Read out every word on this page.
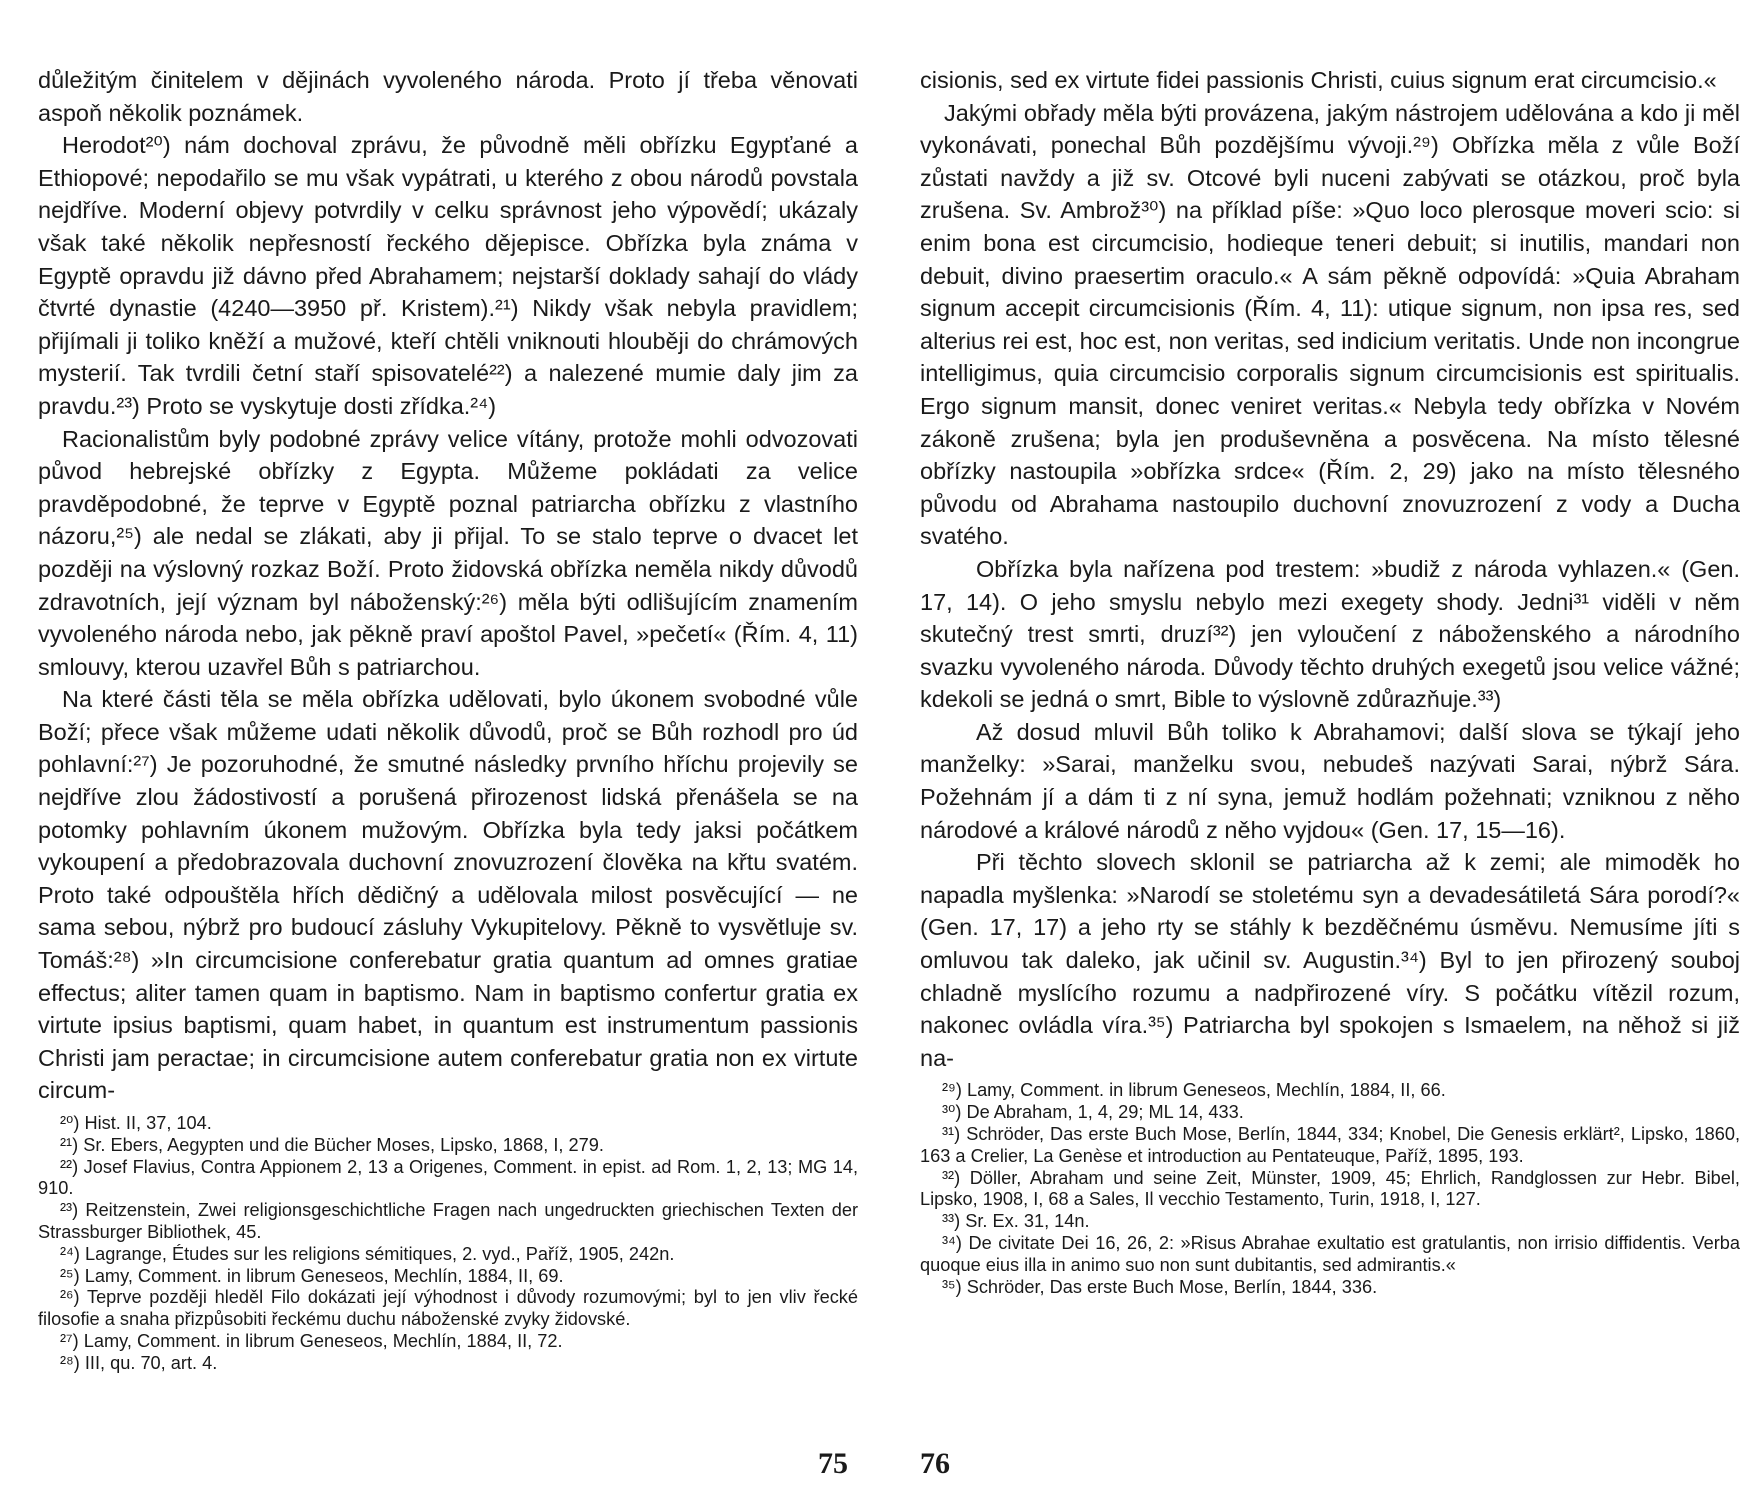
důležitým činitelem v dějinách vyvoleného národa. Proto jí třeba věnovati aspoň několik poznámek.

Herodot²⁰) nám dochoval zprávu, že původně měli obřízku Egypťané a Ethiopové; nepodařilo se mu však vypátrati, u kterého z obou národů povstala nejdříve. Moderní objevy potvrdily v celku správnost jeho výpovědí; ukázaly však také několik nepřesností řeckého dějepisce. Obřízka byla známa v Egyptě opravdu již dávno před Abrahamem; nejstarší doklady sahají do vlády čtvrté dynastie (4240—3950 př. Kristem).²¹) Nikdy však nebyla pravidlem; přijímali ji toliko kněží a mužové, kteří chtěli vniknouti hlouběji do chrámových mysterií. Tak tvrdili četní staří spisovatelé²²) a nalezené mumie daly jim za pravdu.²³) Proto se vyskytuje dosti zřídka.²⁴)

Racionalistům byly podobné zprávy velice vítány, protože mohli odvozovati původ hebrejské obřízky z Egypta. Můžeme pokládati za velice pravděpodobné, že teprve v Egyptě poznal patriarcha obřízku z vlastního názoru,²⁵) ale nedal se zlákati, aby ji přijal. To se stalo teprve o dvacet let později na výslovný rozkaz Boží. Proto židovská obřízka neměla nikdy důvodů zdravotních, její význam byl náboženský:²⁶) měla býti odlišujícím znamením vyvoleného národa nebo, jak pěkně praví apoštol Pavel, »pečetí« (Řím. 4, 11) smlouvy, kterou uzavřel Bůh s patriarchou.

Na které části těla se měla obřízka udělovati, bylo úkonem svobodné vůle Boží; přece však můžeme udati několik důvodů, proč se Bůh rozhodl pro úd pohlavní:²⁷) Je pozoruhodné, že smutné následky prvního hříchu projevily se nejdříve zlou žádostivostí a porušená přirozenost lidská přenášela se na potomky pohlavním úkonem mužovým. Obřízka byla tedy jaksi počátkem vykoupení a předobrazovala duchovní znovuzrození člověka na křtu svatém. Proto také odpouštěla hřích dědičný a udělovala milost posvěcující — ne sama sebou, nýbrž pro budoucí zásluhy Vykupitelovy. Pěkně to vysvětluje sv. Tomáš:²⁸) »In circumcisione conferebatur gratia quantum ad omnes gratiae effectus; aliter tamen quam in baptismo. Nam in baptismo confertur gratia ex virtute ipsius baptismi, quam habet, in quantum est instrumentum passionis Christi jam peractae; in circumcisione autem conferebatur gratia non ex virtute circum-

²⁰) Hist. II, 37, 104.

²¹) Sr. Ebers, Aegypten und die Bücher Moses, Lipsko, 1868, I, 279.

²²) Josef Flavius, Contra Appionem 2, 13 a Origenes, Comment. in epist. ad Rom. 1, 2, 13; MG 14, 910.

²³) Reitzenstein, Zwei religionsgeschichtliche Fragen nach ungedruckten griechischen Texten der Strassburger Bibliothek, 45.

²⁴) Lagrange, Études sur les religions sémitiques, 2. vyd., Paříž, 1905, 242n.

²⁵) Lamy, Comment. in librum Geneseos, Mechlín, 1884, II, 69.

²⁶) Teprve později hleděl Filo dokázati její výhodnost i důvody rozumovými; byl to jen vliv řecké filosofie a snaha přizpůsobiti řeckému duchu náboženské zvyky židovské.

²⁷) Lamy, Comment. in librum Geneseos, Mechlín, 1884, II, 72.

²⁸) III, qu. 70, art. 4.

cisionis, sed ex virtute fidei passionis Christi, cuius signum erat circumcisio.«

Jakými obřady měla býti provázena, jakým nástrojem udělována a kdo ji měl vykonávati, ponechal Bůh pozdějšímu vývoji.²⁹) Obřízka měla z vůle Boží zůstati navždy a již sv. Otcové byli nuceni zabývati se otázkou, proč byla zrušena. Sv. Ambrož³⁰) na příklad píše: »Quo loco plerosque moveri scio: si enim bona est circumcisio, hodieque teneri debuit; si inutilis, mandari non debuit, divino praesertim oraculo.« A sám pěkně odpovídá: »Quia Abraham signum accepit circumcisionis (Řím. 4, 11): utique signum, non ipsa res, sed alterius rei est, hoc est, non veritas, sed indicium veritatis. Unde non incongrue intelligimus, quia circumcisio corporalis signum circumcisionis est spiritualis. Ergo signum mansit, donec veniret veritas.« Nebyla tedy obřízka v Novém zákoně zrušena; byla jen produševněna a posvěcena. Na místo tělesné obřízky nastoupila »obřízka srdce« (Řím. 2, 29) jako na místo tělesného původu od Abrahama nastoupilo duchovní znovuzrození z vody a Ducha svatého.

Obřízka byla nařízena pod trestem: »budiž z národa vyhlazen.« (Gen. 17, 14). O jeho smyslu nebylo mezi exegety shody. Jedni³¹ viděli v něm skutečný trest smrti, druzí³²) jen vyloučení z náboženského a národního svazku vyvoleného národa. Důvody těchto druhých exegetů jsou velice vážné; kdekoli se jedná o smrt, Bible to výslovně zdůrazňuje.³³)

Až dosud mluvil Bůh toliko k Abrahamovi; další slova se týkají jeho manželky: »Sarai, manželku svou, nebudeš nazývati Sarai, nýbrž Sára. Požehnám jí a dám ti z ní syna, jemuž hodlám požehnati; vzniknou z něho národové a králové národů z něho vyjdou« (Gen. 17, 15—16).

Při těchto slovech sklonil se patriarcha až k zemi; ale mimoděk ho napadla myšlenka: »Narodí se stoletému syn a devadesátiletá Sára porodí?« (Gen. 17, 17) a jeho rty se stáhly k bezděčnému úsměvu. Nemusíme jíti s omluvou tak daleko, jak učinil sv. Augustin.³⁴) Byl to jen přirozený souboj chladně myslícího rozumu a nadpřirozené víry. S počátku vítězil rozum, nakonec ovládla víra.³⁵) Patriarcha byl spokojen s Ismaelem, na něhož si již na-

²⁹) Lamy, Comment. in librum Geneseos, Mechlín, 1884, II, 66.

³⁰) De Abraham, 1, 4, 29; ML 14, 433.

³¹) Schröder, Das erste Buch Mose, Berlín, 1844, 334; Knobel, Die Genesis erklärt², Lipsko, 1860, 163 a Crelier, La Genèse et introduction au Pentateuque, Paříž, 1895, 193.

³²) Döller, Abraham und seine Zeit, Münster, 1909, 45; Ehrlich, Randglossen zur Hebr. Bibel, Lipsko, 1908, I, 68 a Sales, Il vecchio Testamento, Turin, 1918, I, 127.

³³) Sr. Ex. 31, 14n.

³⁴) De civitate Dei 16, 26, 2: »Risus Abrahae exultatio est gratulantis, non irrisio diffidentis. Verba quoque eius illa in animo suo non sunt dubitantis, sed admirantis.«

³⁵) Schröder, Das erste Buch Mose, Berlín, 1844, 336.

75 76
